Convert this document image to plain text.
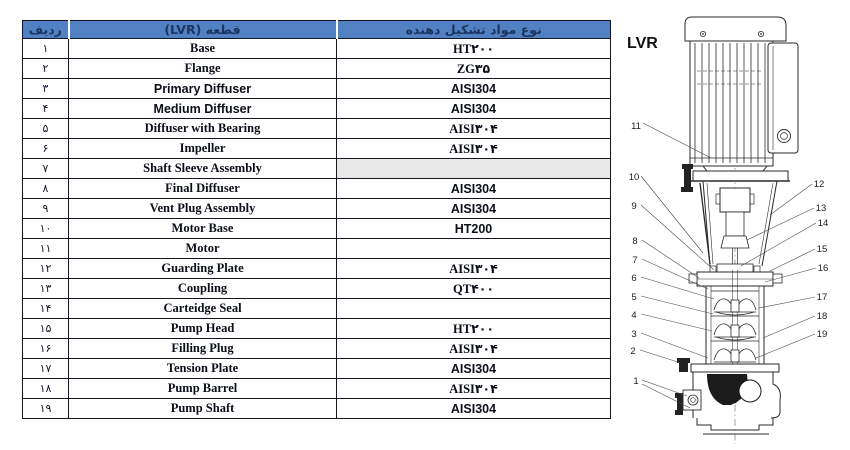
ردیف	قطعه (LVR)	نوع مواد تشکیل دهنده
۱	Base	HT۲۰۰
۲	Flange	ZG۳۵
۳	Primary Diffuser	AISI304
۴	Medium Diffuser	AISI304
۵	Diffuser with Bearing	AISI۳۰۴
۶	Impeller	AISI۳۰۴
۷	Shaft Sleeve Assembly	
۸	Final Diffuser	AISI304
۹	Vent Plug Assembly	AISI304
۱۰	Motor Base	HT200
۱۱	Motor	
۱۲	Guarding Plate	AISI۳۰۴
۱۳	Coupling	QT۴۰۰
۱۴	Carteidge Seal	
۱۵	Pump Head	HT۲۰۰
۱۶	Filling Plug	AISI۳۰۴
۱۷	Tension Plate	AISI304
۱۸	Pump Barrel	AISI۳۰۴
۱۹	Pump Shaft	AISI304
LVR
11
10
9
8
7
6
5
4
3
2
1
12
13
14
15
16
17
18
19
